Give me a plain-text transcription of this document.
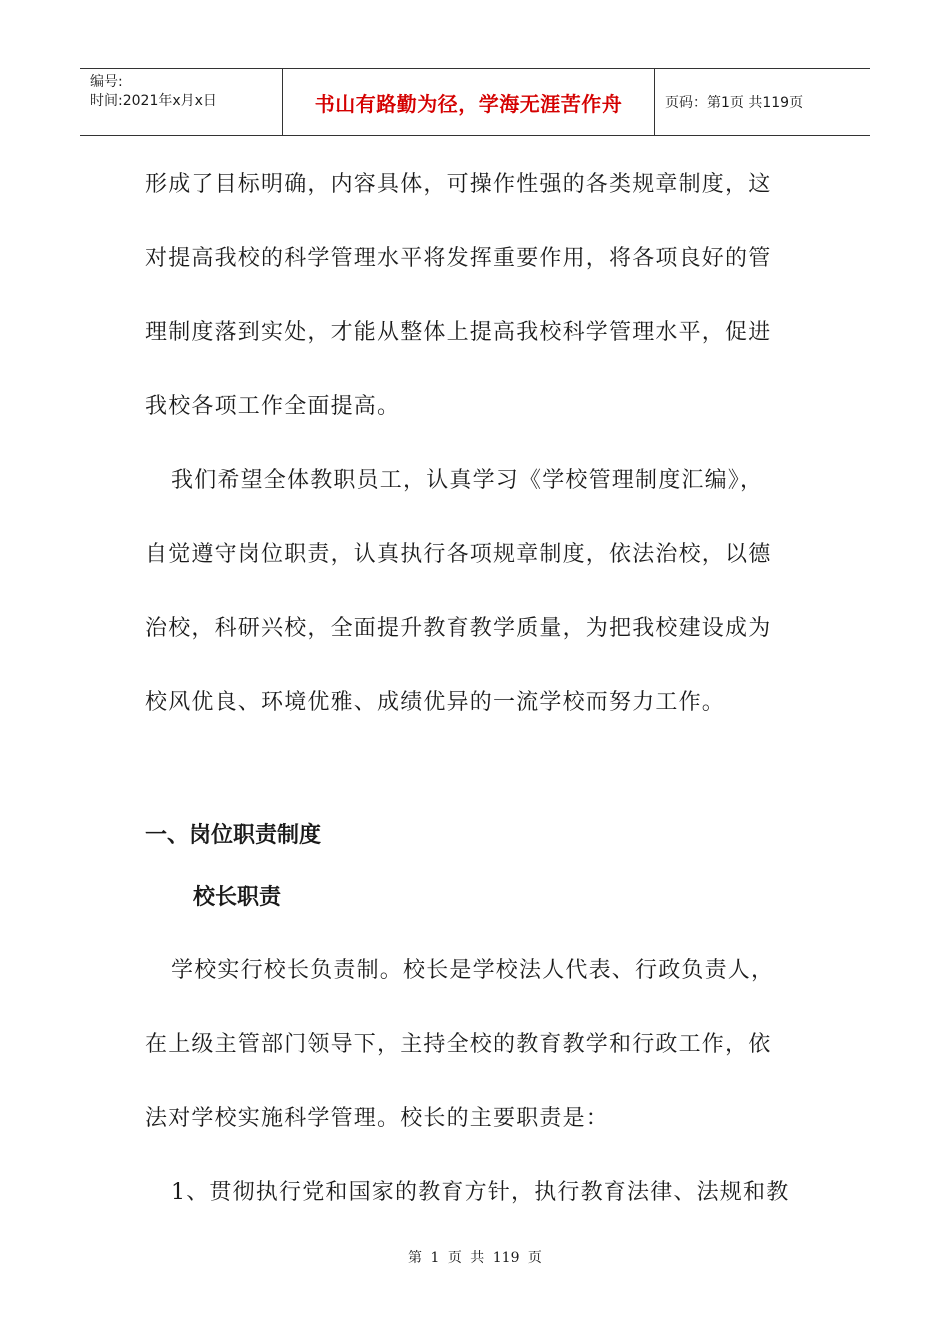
编号:
时间:2021年x月x日	书山有路勤为径，学海无涯苦作舟	页码：第1页 共119页
形成了目标明确，内容具体，可操作性强的各类规章制度，这
对提高我校的科学管理水平将发挥重要作用，将各项良好的管
理制度落到实处，才能从整体上提高我校科学管理水平，促进
我校各项工作全面提高。
我们希望全体教职员工，认真学习《学校管理制度汇编》，
自觉遵守岗位职责，认真执行各项规章制度，依法治校，以德
治校，科研兴校，全面提升教育教学质量，为把我校建设成为
校风优良、环境优雅、成绩优异的一流学校而努力工作。
一、岗位职责制度
校长职责
学校实行校长负责制。校长是学校法人代表、行政负责人，
在上级主管部门领导下，主持全校的教育教学和行政工作，依
法对学校实施科学管理。校长的主要职责是：
1、贯彻执行党和国家的教育方针，执行教育法律、法规和教
第 1 页 共 119 页
